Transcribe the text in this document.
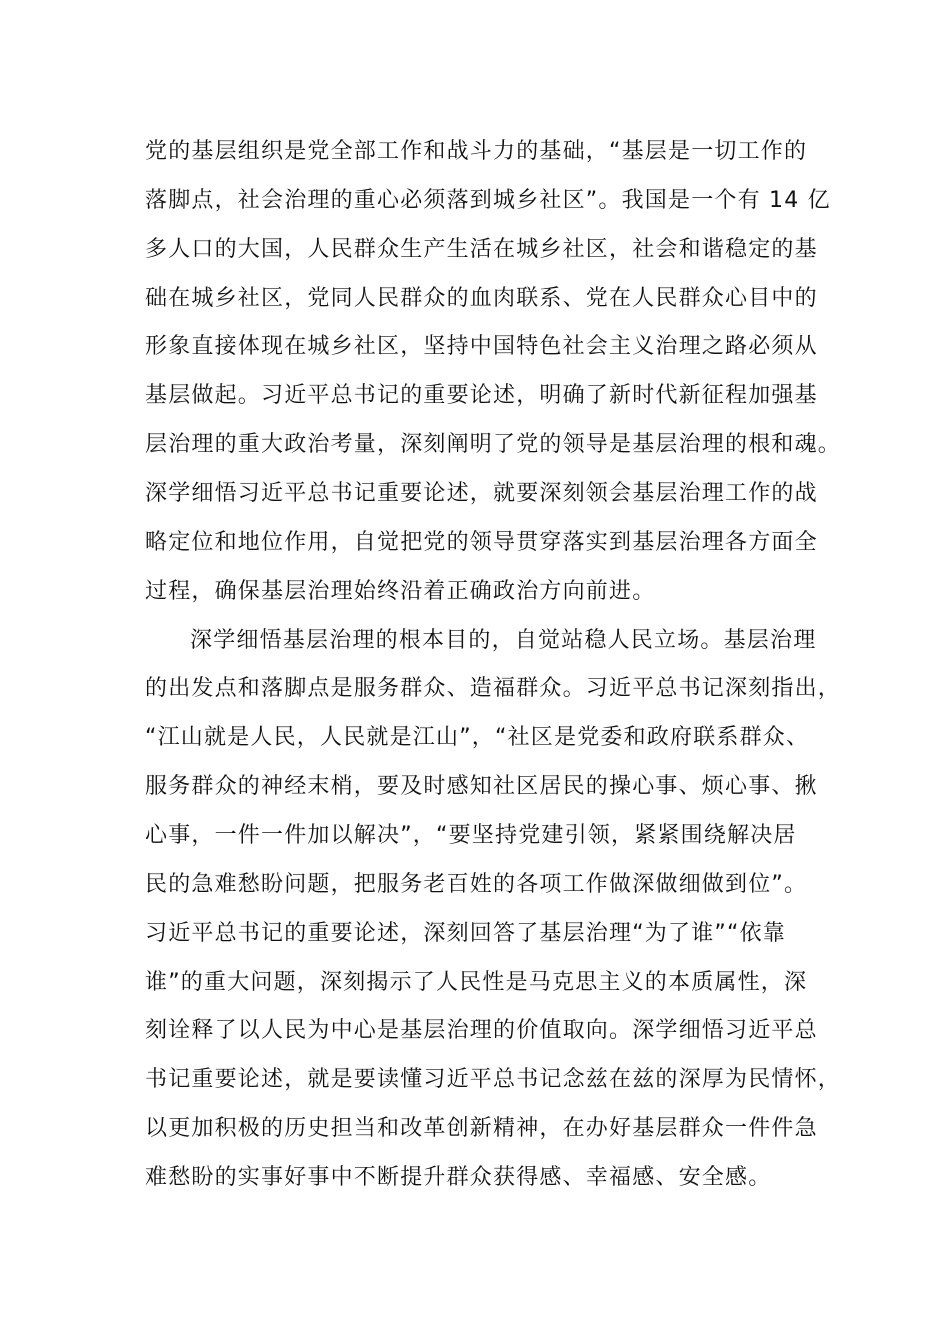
党的基层组织是党全部工作和战斗力的基础，“基层是一切工作的
落脚点，社会治理的重心必须落到城乡社区”。我国是一个有 14 亿
多人口的大国，人民群众生产生活在城乡社区，社会和谐稳定的基
础在城乡社区，党同人民群众的血肉联系、党在人民群众心目中的
形象直接体现在城乡社区，坚持中国特色社会主义治理之路必须从
基层做起。习近平总书记的重要论述，明确了新时代新征程加强基
层治理的重大政治考量，深刻阐明了党的领导是基层治理的根和魂。
深学细悟习近平总书记重要论述，就要深刻领会基层治理工作的战
略定位和地位作用，自觉把党的领导贯穿落实到基层治理各方面全
过程，确保基层治理始终沿着正确政治方向前进。
深学细悟基层治理的根本目的，自觉站稳人民立场。基层治理
的出发点和落脚点是服务群众、造福群众。习近平总书记深刻指出，
“江山就是人民，人民就是江山”，“社区是党委和政府联系群众、
服务群众的神经末梢，要及时感知社区居民的操心事、烦心事、揪
心事，一件一件加以解决”，“要坚持党建引领，紧紧围绕解决居
民的急难愁盼问题，把服务老百姓的各项工作做深做细做到位”。
习近平总书记的重要论述，深刻回答了基层治理“为了谁”“依靠
谁”的重大问题，深刻揭示了人民性是马克思主义的本质属性，深
刻诠释了以人民为中心是基层治理的价值取向。深学细悟习近平总
书记重要论述，就是要读懂习近平总书记念兹在兹的深厚为民情怀，
以更加积极的历史担当和改革创新精神，在办好基层群众一件件急
难愁盼的实事好事中不断提升群众获得感、幸福感、安全感。
